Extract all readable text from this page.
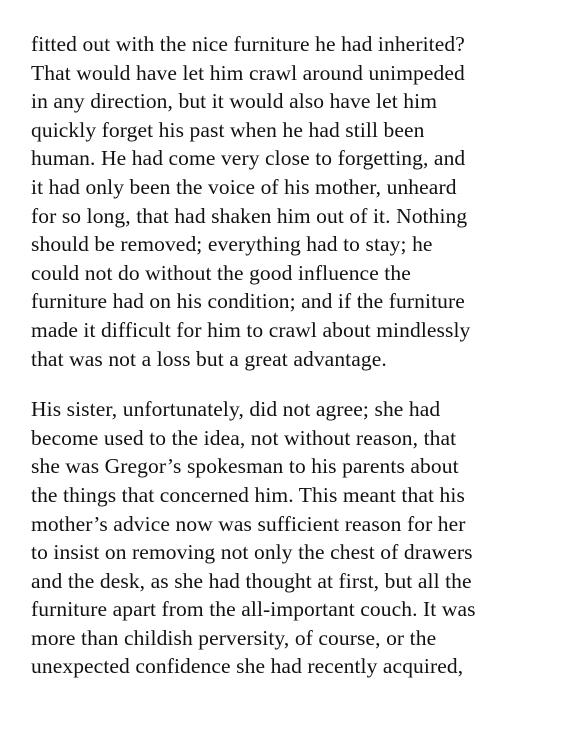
fitted out with the nice furniture he had inherited?
That would have let him crawl around unimpeded
in any direction, but it would also have let him
quickly forget his past when he had still been
human. He had come very close to forgetting, and
it had only been the voice of his mother, unheard
for so long, that had shaken him out of it. Nothing
should be removed; everything had to stay; he
could not do without the good influence the
furniture had on his condition; and if the furniture
made it difficult for him to crawl about mindlessly
that was not a loss but a great advantage.
His sister, unfortunately, did not agree; she had
become used to the idea, not without reason, that
she was Gregor’s spokesman to his parents about
the things that concerned him. This meant that his
mother’s advice now was sufficient reason for her
to insist on removing not only the chest of drawers
and the desk, as she had thought at first, but all the
furniture apart from the all-important couch. It was
more than childish perversity, of course, or the
unexpected confidence she had recently acquired,
